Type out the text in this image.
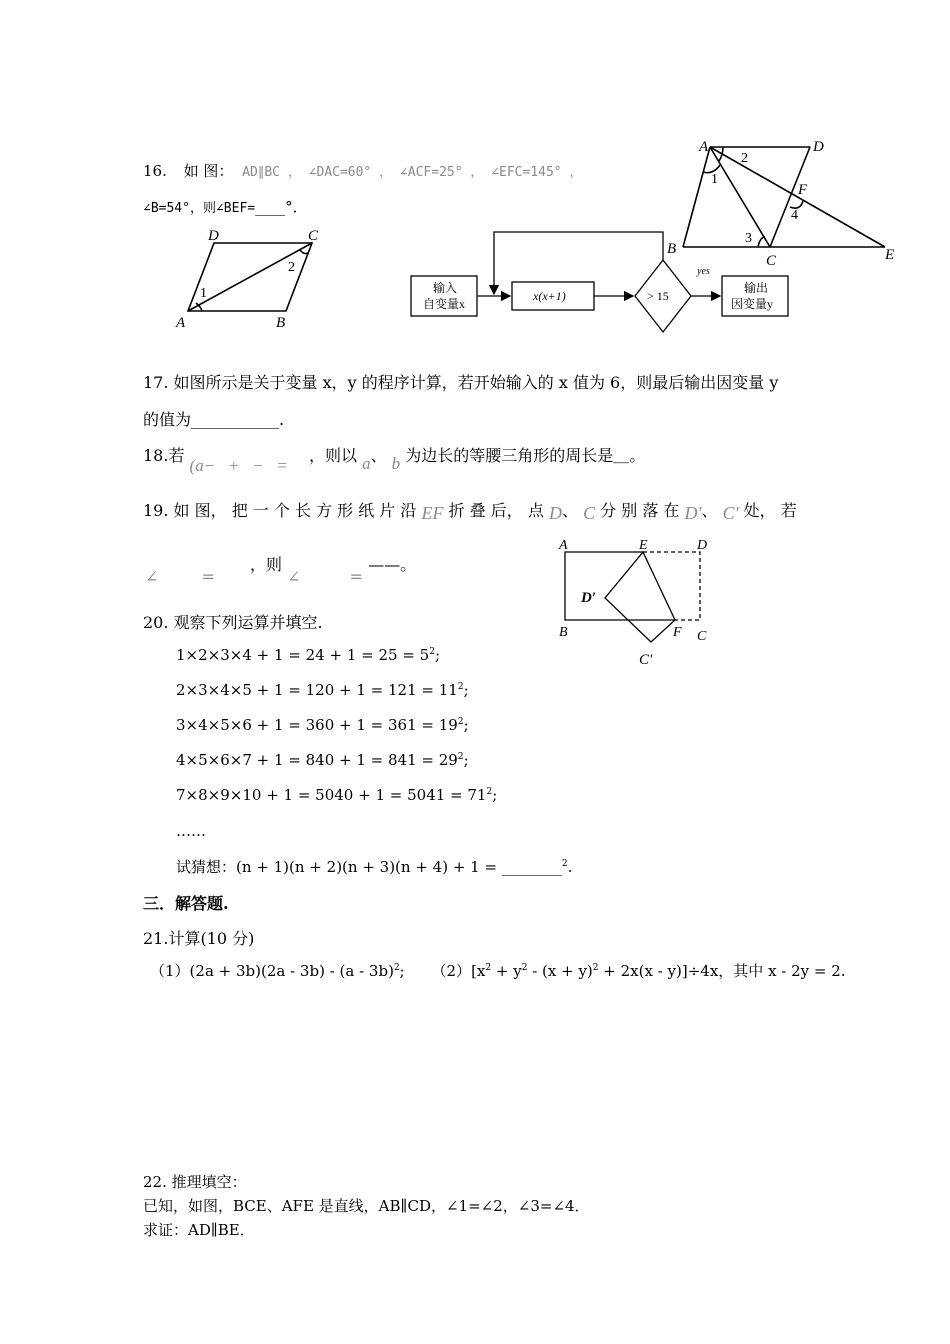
16. 如 图： AD∥BC ， ∠DAC=60° ， ∠ACF=25° ， ∠EFC=145° ，
∠B=54°，则∠BEF=____°．
A	D
B
C	E
F
1
2
3
4
D	C
A	B
1
2
输入
自变量x
x(x+1)	> 15
yes
输出
因变量y
17. 如图所示是关于变量 x，y 的程序计算，若开始输入的 x 值为 6，则最后输出因变量 y
的值为___________.
18.若 (a−   +   −   = ，则以 a、 b 为边长的等腰三角形的周长是＿。
19. 如 图， 把 一 个 长 方 形 纸 片 沿 EF 折 叠 后， 点 D、 C 分 别 落 在 D′、 C′ 处， 若
∠	= ，则 ∠	= ——。
A	E	D
D′
B	F C
C′
20. 观察下列运算并填空.
$1\times 2\times 3\times 4 + 1 = 24 + 1 = 25 = 5^2$;
$2\times 3\times 4\times 5 + 1 = 120 + 1 = 121 = 11^2$;
$3\times 4\times 5\times 6 + 1 = 360 + 1 = 361 = 19^2$;
$4\times 5\times 6\times 7 + 1 = 840 + 1 = 841 = 29^2$;
$7\times 8\times 9\times 10 + 1 = 5040 + 1 = 5041 = 71^2$;
……
试猜想：(n + 1)(n + 2)(n + 3)(n + 4) + 1 = ________$^2$.
三．解答题.
21.计算(10 分)
（1）(2a + 3b)(2a - 3b) - (a - 3b)$^2$; $(2)[x^2 + y^2 - (x + y)^2 + 2x(x - y)]\div 4x$，其中 x - 2y = 2.
22. 推理填空：
已知，如图，BCE、AFE 是直线，AB∥CD，∠1=∠2，∠3=∠4．
求证：AD∥BE．
